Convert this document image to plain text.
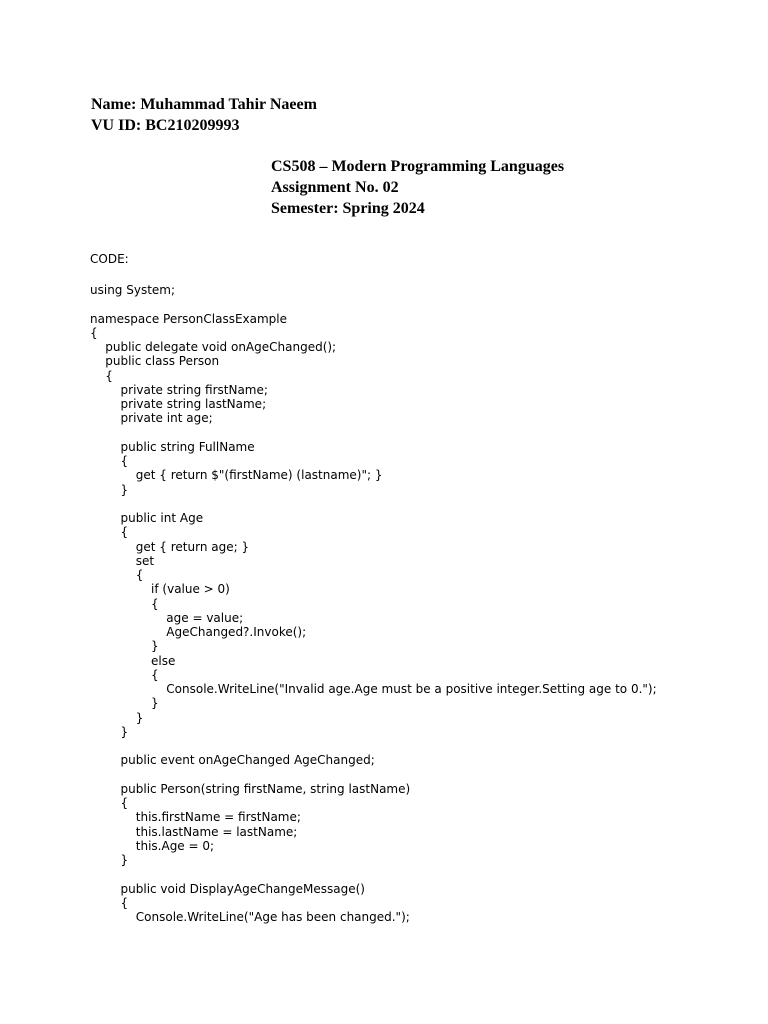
Name: Muhammad Tahir Naeem
VU ID: BC210209993
CS508 – Modern Programming Languages
Assignment No. 02
Semester: Spring 2024
CODE:
using System;
namespace PersonClassExample
{
public delegate void onAgeChanged();
public class Person
{
private string firstName;
private string lastName;
private int age;
public string FullName
{
get { return $"(firstName) (lastname)"; }
}
public int Age
{
get { return age; }
set
{
if (value > 0)
{
age = value;
AgeChanged?.Invoke();
}
else
{
Console.WriteLine("Invalid age.Age must be a positive integer.Setting age to 0.");
}
}
}
public event onAgeChanged AgeChanged;
public Person(string firstName, string lastName)
{
this.firstName = firstName;
this.lastName = lastName;
this.Age = 0;
}
public void DisplayAgeChangeMessage()
{
Console.WriteLine("Age has been changed.");
